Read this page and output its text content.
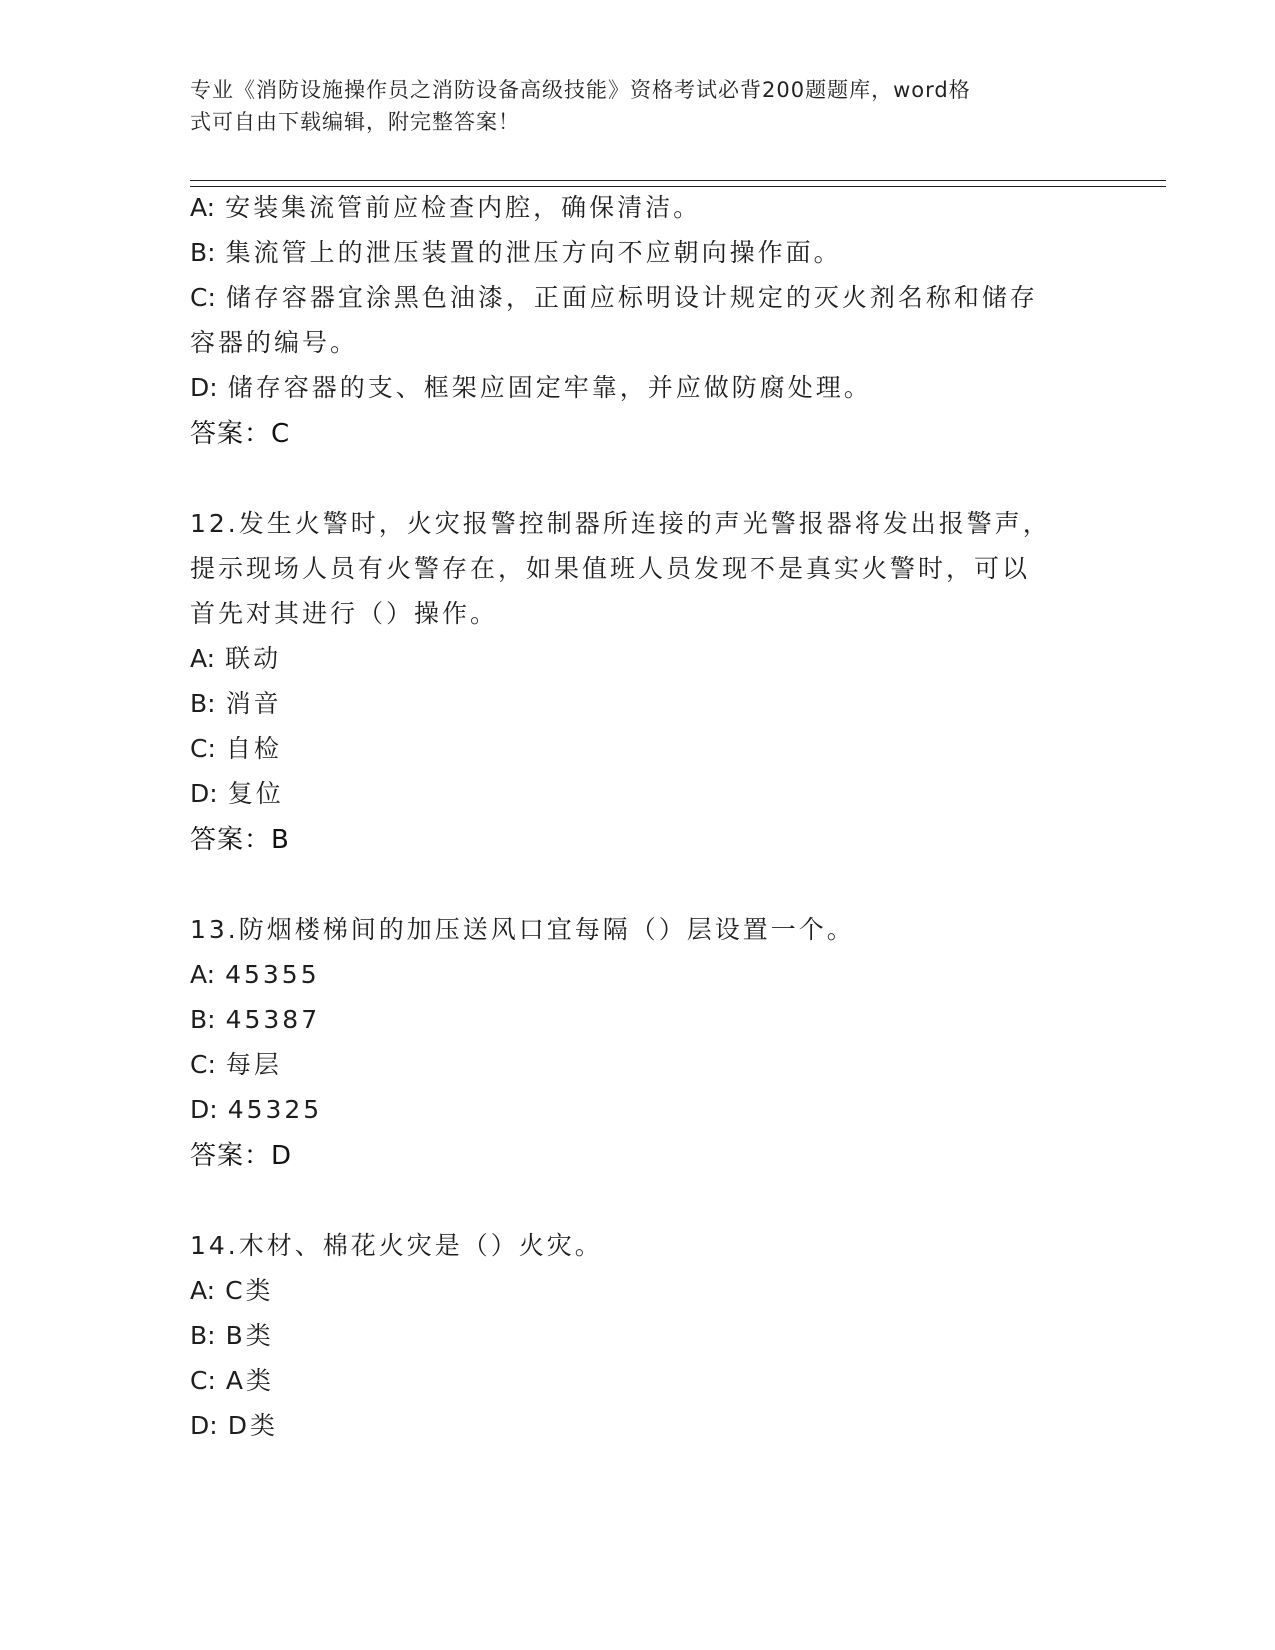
专业《消防设施操作员之消防设备高级技能》资格考试必背200题题库，word格
式可自由下载编辑，附完整答案！
A: 安装集流管前应检查内腔，确保清洁。
B: 集流管上的泄压装置的泄压方向不应朝向操作面。
C: 储存容器宜涂黑色油漆，正面应标明设计规定的灭火剂名称和储存
容器的编号。
D: 储存容器的支、框架应固定牢靠，并应做防腐处理。
答案：C
12.发生火警时，火灾报警控制器所连接的声光警报器将发出报警声，
提示现场人员有火警存在，如果值班人员发现不是真实火警时，可以
首先对其进行（）操作。
A: 联动
B: 消音
C: 自检
D: 复位
答案：B
13.防烟楼梯间的加压送风口宜每隔（）层设置一个。
A: 45355
B: 45387
C: 每层
D: 45325
答案：D
14.木材、棉花火灾是（）火灾。
A: C类
B: B类
C: A类
D: D类
